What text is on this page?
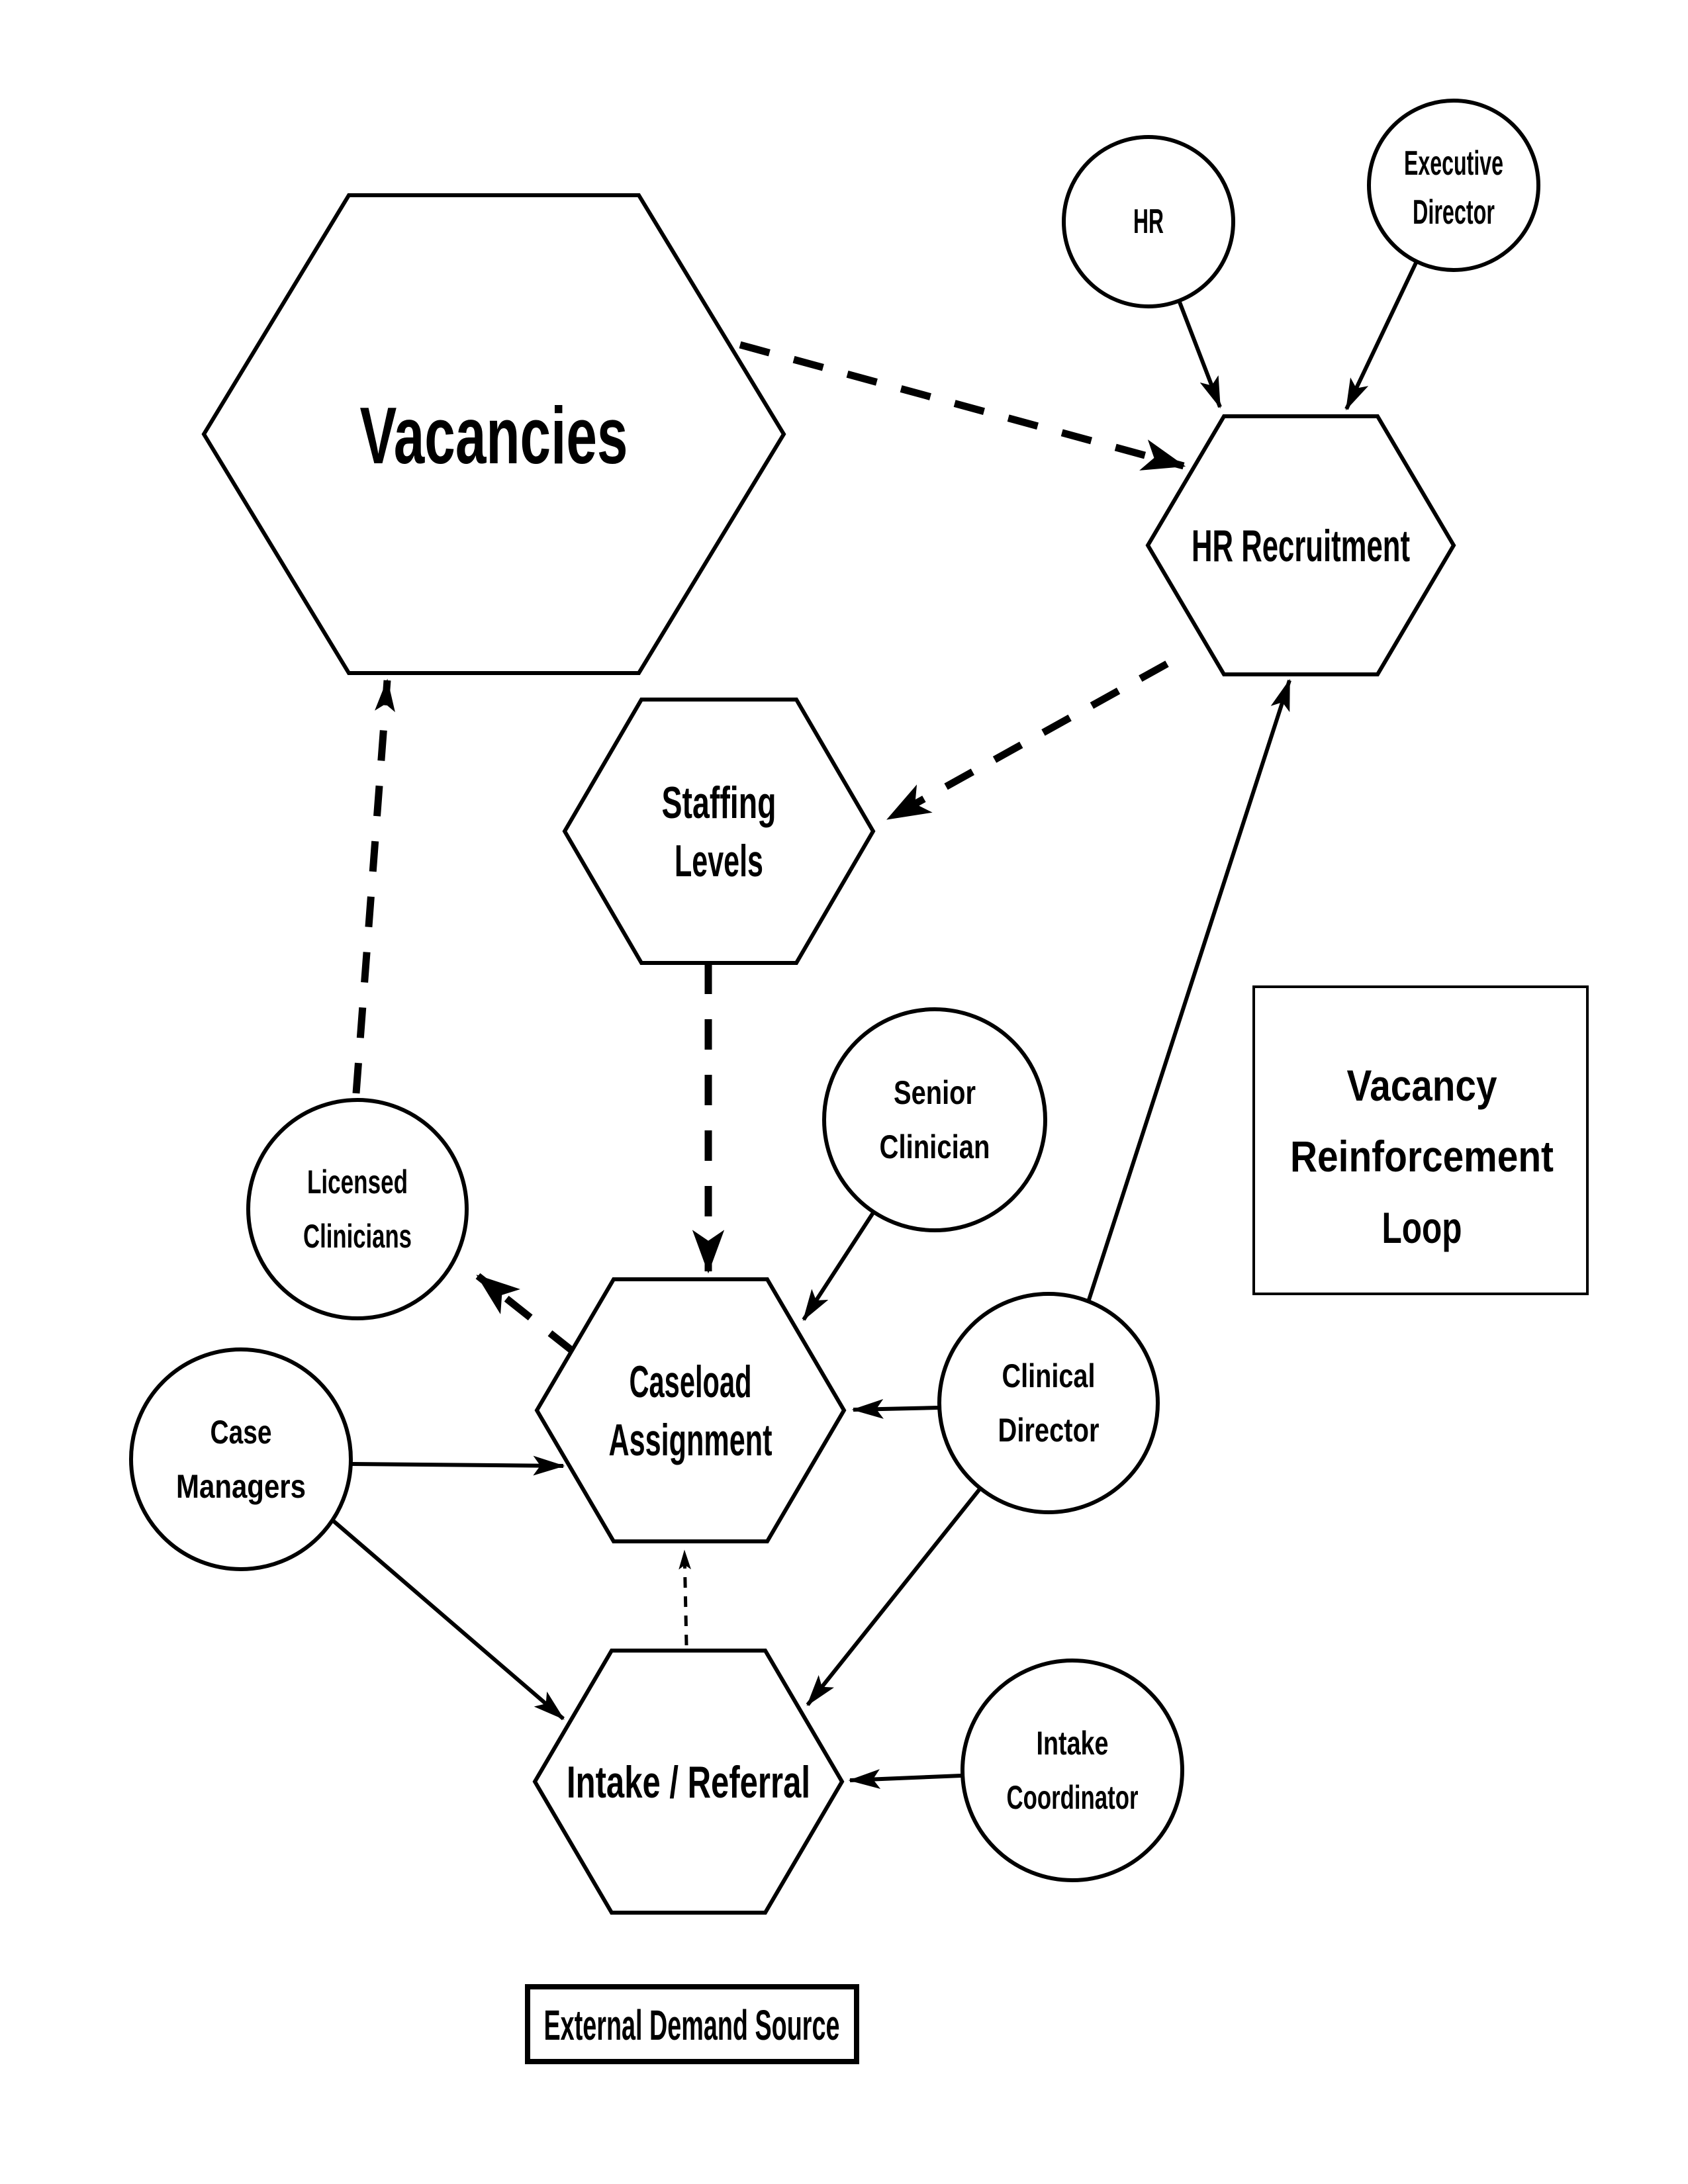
Vacancies
HR Recruitment
Staffing
Levels
Caseload
Assignment
Intake / Referral
HR
Executive
Director
Senior
Clinician
Licensed
Clinicians
Case
Managers
Clinical
Director
Intake
Coordinator
Vacancy
Reinforcement
Loop
External Demand Source
